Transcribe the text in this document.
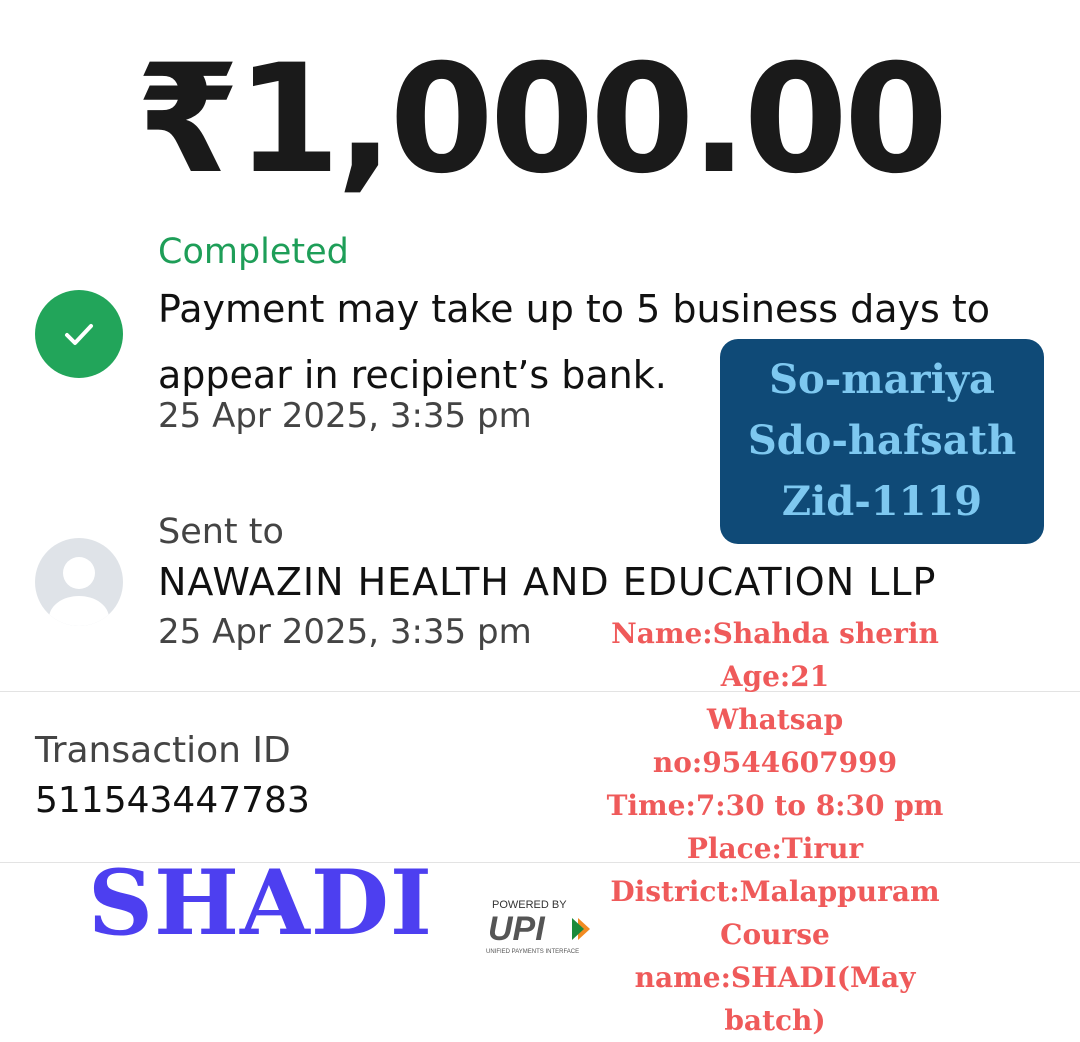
₹1,000.00
Completed
Payment may take up to 5 business days to appear in recipient’s bank.
25 Apr 2025, 3:35 pm
Sent to
NAWAZIN HEALTH AND EDUCATION LLP
25 Apr 2025, 3:35 pm
Transaction ID
511543447783
SHADI	POWERED BY
UPI
UNIFIED PAYMENTS INTERFACE
So-mariya
Sdo-hafsath
Zid-1119
Name:Shahda sherin
Age:21
Whatsap
no:9544607999
Time:7:30 to 8:30 pm
Place:Tirur
District:Malappuram
Course
name:SHADI(May
batch)
